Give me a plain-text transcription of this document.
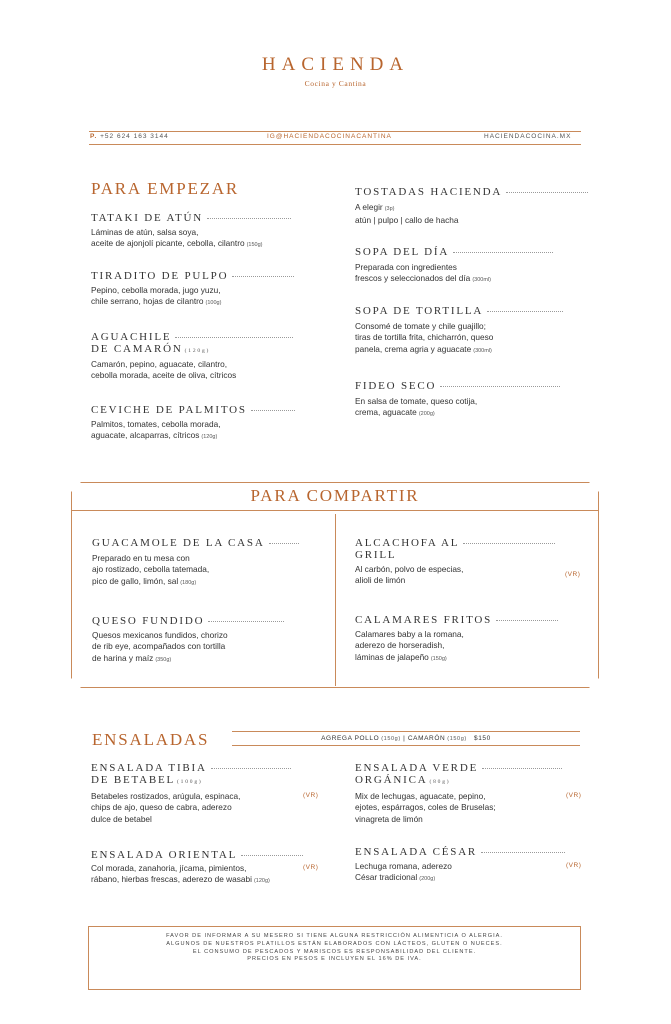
HACIENDA
Cocina y Cantina
P. +52 624 163 3144	IG@HACIENDACOCINACANTINA	HACIENDACOCINA.MX
PARA EMPEZAR
TATAKI DE ATÚN
Láminas de atún, salsa soya,
aceite de ajonjolí picante, cebolla, cilantro (150g)
TIRADITO DE PULPO
Pepino, cebolla morada, jugo yuzu,
chile serrano, hojas de cilantro (100g)
AGUACHILE
DE CAMARÓN (120g)
Camarón, pepino, aguacate, cilantro,
cebolla morada, aceite de oliva, cítricos
CEVICHE DE PALMITOS
Palmitos, tomates, cebolla morada,
aguacate, alcaparras, cítricos (120g)
TOSTADAS HACIENDA
A elegir (3p)
atún | pulpo | callo de hacha
SOPA DEL DÍA
Preparada con ingredientes
frescos y seleccionados del día (300ml)
SOPA DE TORTILLA
Consomé de tomate y chile guajillo;
tiras de tortilla frita, chicharrón, queso
panela, crema agria y aguacate (300ml)
FIDEO SECO
En salsa de tomate, queso cotija,
crema, aguacate (200g)
PARA COMPARTIR
GUACAMOLE DE LA CASA
Preparado en tu mesa con
ajo rostizado, cebolla tatemada,
pico de gallo, limón, sal (180g)
QUESO FUNDIDO
Quesos mexicanos fundidos, chorizo
de rib eye, acompañados con tortilla
de harina y maíz (350g)
ALCACHOFA AL
GRILL
Al carbón, polvo de especias,
alioli de limón
(VR)
CALAMARES FRITOS
Calamares baby a la romana,
aderezo de horseradish,
láminas de jalapeño (150g)
ENSALADAS	AGREGA POLLO (150g) | CAMARÓN (150g) $150
ENSALADA TIBIA
DE BETABEL (100g)
Betabeles rostizados, arúgula, espinaca,
chips de ajo, queso de cabra, aderezo
dulce de betabel
(VR)
ENSALADA ORIENTAL
Col morada, zanahoria, jícama, pimientos,
rábano, hierbas frescas, aderezo de wasabi (120g)
(VR)
ENSALADA VERDE
ORGÁNICA (80g)
Mix de lechugas, aguacate, pepino,
ejotes, espárragos, coles de Bruselas;
vinagreta de limón
(VR)
ENSALADA CÉSAR
Lechuga romana, aderezo
César tradicional (200g)
(VR)
FAVOR DE INFORMAR A SU MESERO SI TIENE ALGUNA RESTRICCIÓN ALIMENTICIA O ALERGIA.
ALGUNOS DE NUESTROS PLATILLOS ESTÁN ELABORADOS CON LÁCTEOS, GLUTEN O NUECES.
EL CONSUMO DE PESCADOS Y MARISCOS ES RESPONSABILIDAD DEL CLIENTE.
PRECIOS EN PESOS E INCLUYEN EL 16% DE IVA.
